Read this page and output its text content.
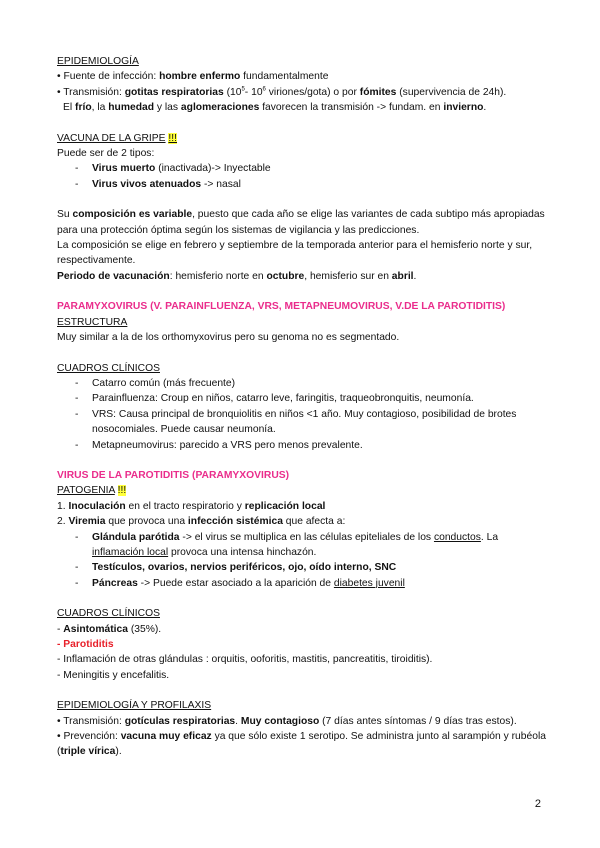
EPIDEMIOLOGÍA
• Fuente de infección: hombre enfermo fundamentalmente
• Transmisión: gotitas respiratorias ($10^5-$ $10^6$ viriones/gota) o por fómites (supervivencia de 24h).
El frío, la humedad y las aglomeraciones favorecen la transmisión -> fundam. en invierno.
VACUNA DE LA GRIPE !!!
Puede ser de 2 tipos:
- Virus muerto (inactivada)-> Inyectable
- Virus vivos atenuados -> nasal
Su composición es variable, puesto que cada año se elige las variantes de cada subtipo más apropiadas para una protección óptima según los sistemas de vigilancia y las predicciones.
La composición se elige en febrero y septiembre de la temporada anterior para el hemisferio norte y sur, respectivamente.
Periodo de vacunación: hemisferio norte en octubre, hemisferio sur en abril.
PARAMYXOVIRUS (V. PARAINFLUENZA, VRS, METAPNEUMOVIRUS, V.DE LA PAROTIDITIS)
ESTRUCTURA
Muy similar a la de los orthomyxovirus pero su genoma no es segmentado.
CUADROS CLÍNICOS
- Catarro común (más frecuente)
- Parainfluenza: Croup en niños, catarro leve, faringitis, traqueobronquitis, neumonía.
- VRS: Causa principal de bronquiolitis en niños <1 año. Muy contagioso, posibilidad de brotes nosocomiales. Puede causar neumonía.
- Metapneumovirus: parecido a VRS pero menos prevalente.
VIRUS DE LA PAROTIDITIS (PARAMYXOVIRUS)
PATOGENIA !!!
1. Inoculación en el tracto respiratorio y replicación local
2. Viremia que provoca una infección sistémica que afecta a:
- Glándula parótida -> el virus se multiplica en las células epiteliales de los conductos. La inflamación local provoca una intensa hinchazón.
- Testículos, ovarios, nervios periféricos, ojo, oído interno, SNC
- Páncreas -> Puede estar asociado a la aparición de diabetes juvenil
CUADROS CLÍNICOS
- Asintomática (35%).
- Parotiditis
- Inflamación de otras glándulas : orquitis, ooforitis, mastitis, pancreatitis, tiroiditis).
- Meningitis y encefalitis.
EPIDEMIOLOGÍA Y PROFILAXIS
• Transmisión: gotículas respiratorias. Muy contagioso (7 días antes síntomas / 9 días tras estos).
• Prevención: vacuna muy eficaz ya que sólo existe 1 serotipo. Se administra junto al sarampión y rubéola (triple vírica).
2
